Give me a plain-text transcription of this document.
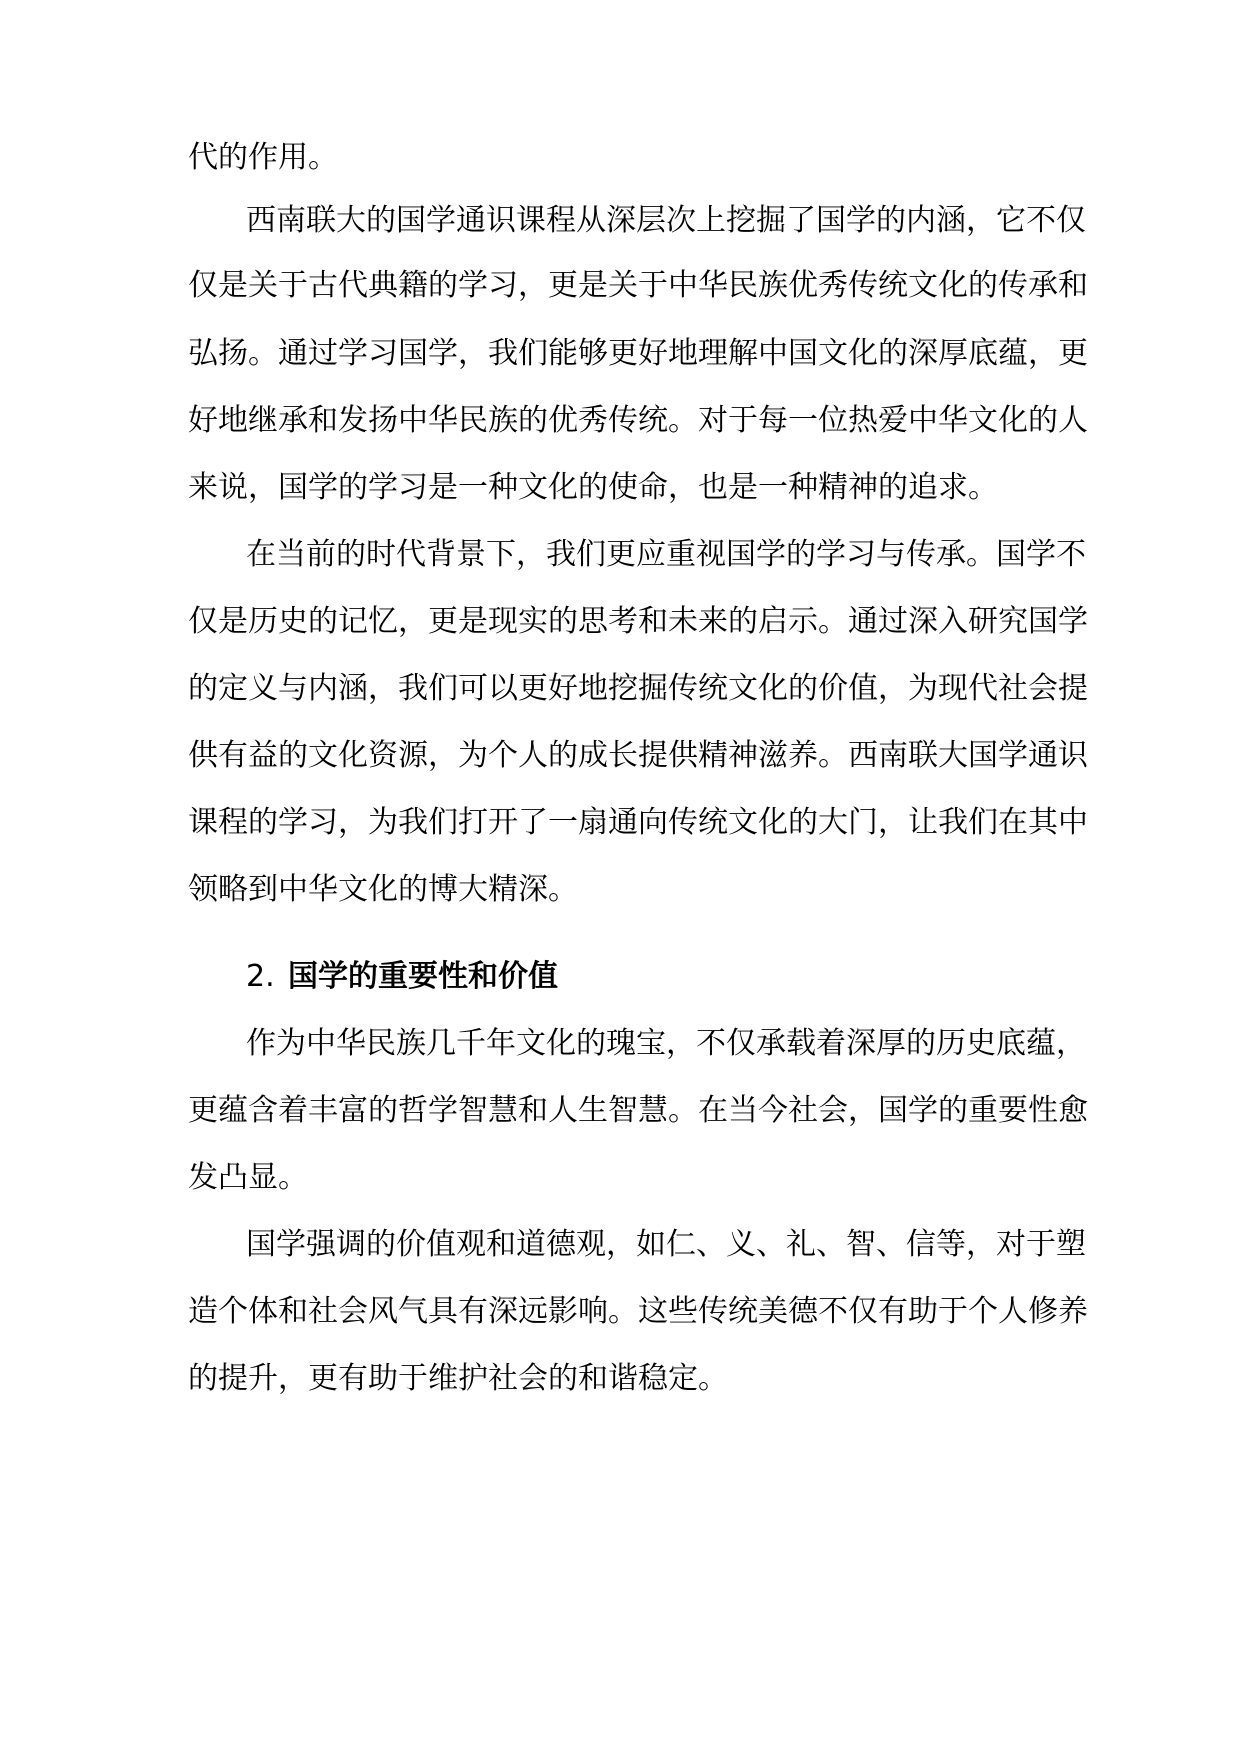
代的作用。
西南联大的国学通识课程从深层次上挖掘了国学的内涵，它不仅
仅是关于古代典籍的学习，更是关于中华民族优秀传统文化的传承和
弘扬。通过学习国学，我们能够更好地理解中国文化的深厚底蕴，更
好地继承和发扬中华民族的优秀传统。对于每一位热爱中华文化的人
来说，国学的学习是一种文化的使命，也是一种精神的追求。
在当前的时代背景下，我们更应重视国学的学习与传承。国学不
仅是历史的记忆，更是现实的思考和未来的启示。通过深入研究国学
的定义与内涵，我们可以更好地挖掘传统文化的价值，为现代社会提
供有益的文化资源，为个人的成长提供精神滋养。西南联大国学通识
课程的学习，为我们打开了一扇通向传统文化的大门，让我们在其中
领略到中华文化的博大精深。
2. 国学的重要性和价值
作为中华民族几千年文化的瑰宝，不仅承载着深厚的历史底蕴，
更蕴含着丰富的哲学智慧和人生智慧。在当今社会，国学的重要性愈
发凸显。
国学强调的价值观和道德观，如仁、义、礼、智、信等，对于塑
造个体和社会风气具有深远影响。这些传统美德不仅有助于个人修养
的提升，更有助于维护社会的和谐稳定。
